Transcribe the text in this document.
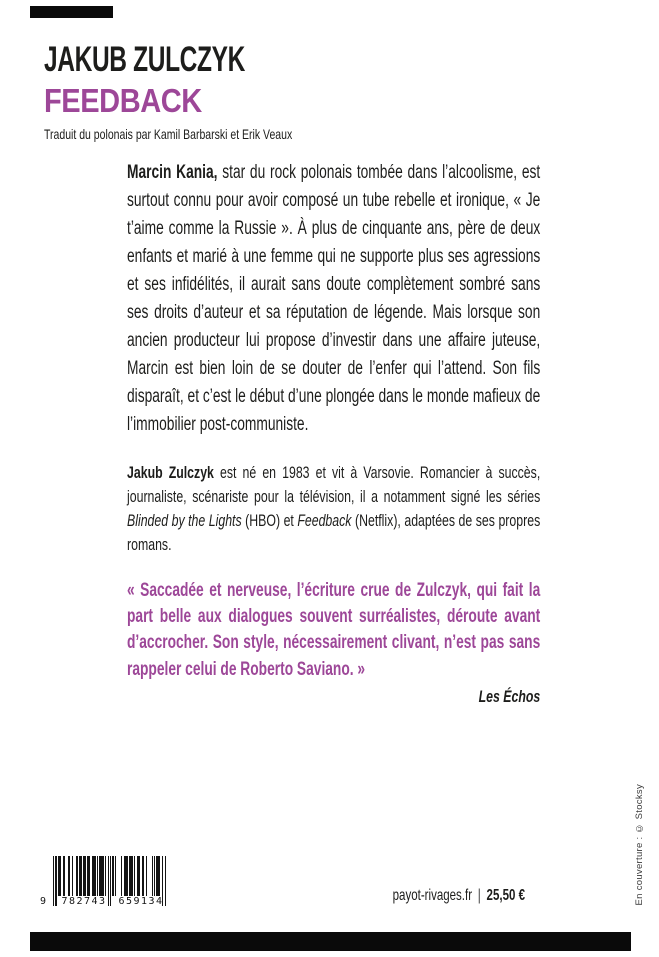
JAKUB ZULCZYK
FEEDBACK
Traduit du polonais par Kamil Barbarski et Erik Veaux
Marcin Kania, star du rock polonais tombée dans l’alcoolisme, est surtout connu pour avoir composé un tube rebelle et ironique, « Je t’aime comme la Russie ». À plus de cinquante ans, père de deux enfants et marié à une femme qui ne supporte plus ses agressions et ses infidélités, il aurait sans doute complètement sombré sans ses droits d’auteur et sa réputation de légende. Mais lorsque son ancien producteur lui propose d’investir dans une affaire juteuse, Marcin est bien loin de se douter de l’enfer qui l’attend. Son fils disparaît, et c’est le début d’une plongée dans le monde mafieux de l’immobilier post-communiste.
Jakub Zulczyk est né en 1983 et vit à Varsovie. Romancier à succès, journaliste, scénariste pour la télévision, il a notamment signé les séries Blinded by the Lights (HBO) et Feedback (Netflix), adaptées de ses propres romans.
« Saccadée et nerveuse, l’écriture crue de Zulczyk, qui fait la part belle aux dialogues souvent surréalistes, déroute avant d’accrocher. Son style, nécessairement clivant, n’est pas sans rappeler celui de Roberto Saviano. »
Les Échos
9 782743 659134	payot-rivages.fr | 25,50 €	En couverture : © Stocksy
